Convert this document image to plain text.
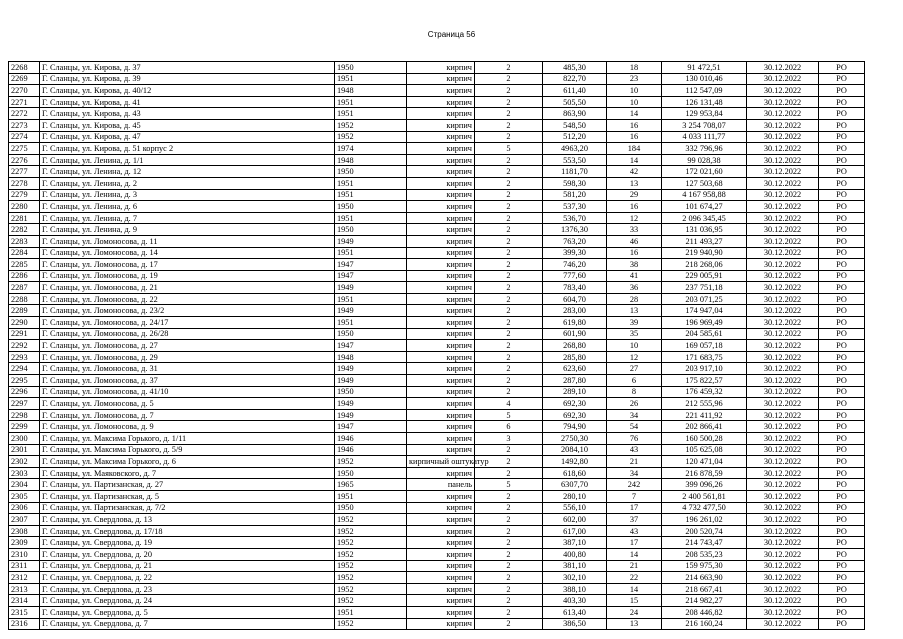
Страница 56
2268	Г. Сланцы, ул. Кирова, д. 37	1950	кирпич	2	485,30	18	91 472,51	30.12.2022	РО
2269	Г. Сланцы, ул. Кирова, д. 39	1951	кирпич	2	822,70	23	130 010,46	30.12.2022	РО
2270	Г. Сланцы, ул. Кирова, д. 40/12	1948	кирпич	2	611,40	10	112 547,09	30.12.2022	РО
2271	Г. Сланцы, ул. Кирова, д. 41	1951	кирпич	2	505,50	10	126 131,48	30.12.2022	РО
2272	Г. Сланцы, ул. Кирова, д. 43	1951	кирпич	2	863,90	14	129 953,84	30.12.2022	РО
2273	Г. Сланцы, ул. Кирова, д. 45	1952	кирпич	2	548,50	16	3 254 708,07	30.12.2022	РО
2274	Г. Сланцы, ул. Кирова, д. 47	1952	кирпич	2	512,20	16	4 033 111,77	30.12.2022	РО
2275	Г. Сланцы, ул. Кирова, д. 51 корпус 2	1974	кирпич	5	4963,20	184	332 796,96	30.12.2022	РО
2276	Г. Сланцы, ул. Ленина, д. 1/1	1948	кирпич	2	553,50	14	99 028,38	30.12.2022	РО
2277	Г. Сланцы, ул. Ленина, д. 12	1950	кирпич	2	1181,70	42	172 021,60	30.12.2022	РО
2278	Г. Сланцы, ул. Ленина, д. 2	1951	кирпич	2	598,30	13	127 503,68	30.12.2022	РО
2279	Г. Сланцы, ул. Ленина, д. 3	1951	кирпич	2	581,20	29	4 167 958,88	30.12.2022	РО
2280	Г. Сланцы, ул. Ленина, д. 6	1950	кирпич	2	537,30	16	101 674,27	30.12.2022	РО
2281	Г. Сланцы, ул. Ленина, д. 7	1951	кирпич	2	536,70	12	2 096 345,45	30.12.2022	РО
2282	Г. Сланцы, ул. Ленина, д. 9	1950	кирпич	2	1376,30	33	131 036,95	30.12.2022	РО
2283	Г. Сланцы, ул. Ломоносова, д. 11	1949	кирпич	2	763,20	46	211 493,27	30.12.2022	РО
2284	Г. Сланцы, ул. Ломоносова, д. 14	1951	кирпич	2	399,30	16	219 940,90	30.12.2022	РО
2285	Г. Сланцы, ул. Ломоносова, д. 17	1947	кирпич	2	746,20	38	218 268,06	30.12.2022	РО
2286	Г. Сланцы, ул. Ломоносова, д. 19	1947	кирпич	2	777,60	41	229 005,91	30.12.2022	РО
2287	Г. Сланцы, ул. Ломоносова, д. 21	1949	кирпич	2	783,40	36	237 751,18	30.12.2022	РО
2288	Г. Сланцы, ул. Ломоносова, д. 22	1951	кирпич	2	604,70	28	203 071,25	30.12.2022	РО
2289	Г. Сланцы, ул. Ломоносова, д. 23/2	1949	кирпич	2	283,00	13	174 947,04	30.12.2022	РО
2290	Г. Сланцы, ул. Ломоносова, д. 24/17	1951	кирпич	2	619,80	39	196 969,49	30.12.2022	РО
2291	Г. Сланцы, ул. Ломоносова, д. 26/28	1950	кирпич	2	601,90	35	204 585,61	30.12.2022	РО
2292	Г. Сланцы, ул. Ломоносова, д. 27	1947	кирпич	2	268,80	10	169 057,18	30.12.2022	РО
2293	Г. Сланцы, ул. Ломоносова, д. 29	1948	кирпич	2	285,80	12	171 683,75	30.12.2022	РО
2294	Г. Сланцы, ул. Ломоносова, д. 31	1949	кирпич	2	623,60	27	203 917,10	30.12.2022	РО
2295	Г. Сланцы, ул. Ломоносова, д. 37	1949	кирпич	2	287,80	6	175 822,57	30.12.2022	РО
2296	Г. Сланцы, ул. Ломоносова, д. 41/10	1950	кирпич	2	289,10	8	176 459,32	30.12.2022	РО
2297	Г. Сланцы, ул. Ломоносова, д. 5	1949	кирпич	4	692,30	26	212 555,96	30.12.2022	РО
2298	Г. Сланцы, ул. Ломоносова, д. 7	1949	кирпич	5	692,30	34	221 411,92	30.12.2022	РО
2299	Г. Сланцы, ул. Ломоносова, д. 9	1947	кирпич	6	794,90	54	202 866,41	30.12.2022	РО
2300	Г. Сланцы, ул. Максима Горького, д. 1/11	1946	кирпич	3	2750,30	76	160 500,28	30.12.2022	РО
2301	Г. Сланцы, ул. Максима Горького, д. 5/9	1946	кирпич	2	2084,10	43	105 625,08	30.12.2022	РО
2302	Г. Сланцы, ул. Максима Горького, д. 6	1952	кирпичный оштукатур	2	1492,80	21	120 471,04	30.12.2022	РО
2303	Г. Сланцы, ул. Маяковского, д. 7	1950	кирпич	2	618,60	34	216 878,59	30.12.2022	РО
2304	Г. Сланцы, ул. Партизанская, д. 27	1965	панель	5	6307,70	242	399 096,26	30.12.2022	РО
2305	Г. Сланцы, ул. Партизанская, д. 5	1951	кирпич	2	280,10	7	2 400 561,81	30.12.2022	РО
2306	Г. Сланцы, ул. Партизанская, д. 7/2	1950	кирпич	2	556,10	17	4 732 477,50	30.12.2022	РО
2307	Г. Сланцы, ул. Свердлова, д. 13	1952	кирпич	2	602,00	37	196 261,02	30.12.2022	РО
2308	Г. Сланцы, ул. Свердлова, д. 17/18	1952	кирпич	2	617,00	43	200 520,74	30.12.2022	РО
2309	Г. Сланцы, ул. Свердлова, д. 19	1952	кирпич	2	387,10	17	214 743,47	30.12.2022	РО
2310	Г. Сланцы, ул. Свердлова, д. 20	1952	кирпич	2	400,80	14	208 535,23	30.12.2022	РО
2311	Г. Сланцы, ул. Свердлова, д. 21	1952	кирпич	2	381,10	21	159 975,30	30.12.2022	РО
2312	Г. Сланцы, ул. Свердлова, д. 22	1952	кирпич	2	302,10	22	214 663,90	30.12.2022	РО
2313	Г. Сланцы, ул. Свердлова, д. 23	1952	кирпич	2	388,10	14	218 667,41	30.12.2022	РО
2314	Г. Сланцы, ул. Свердлова, д. 24	1952	кирпич	2	403,30	15	214 982,27	30.12.2022	РО
2315	Г. Сланцы, ул. Свердлова, д. 5	1951	кирпич	2	613,40	24	208 446,82	30.12.2022	РО
2316	Г. Сланцы, ул. Свердлова, д. 7	1952	кирпич	2	386,50	13	216 160,24	30.12.2022	РО
